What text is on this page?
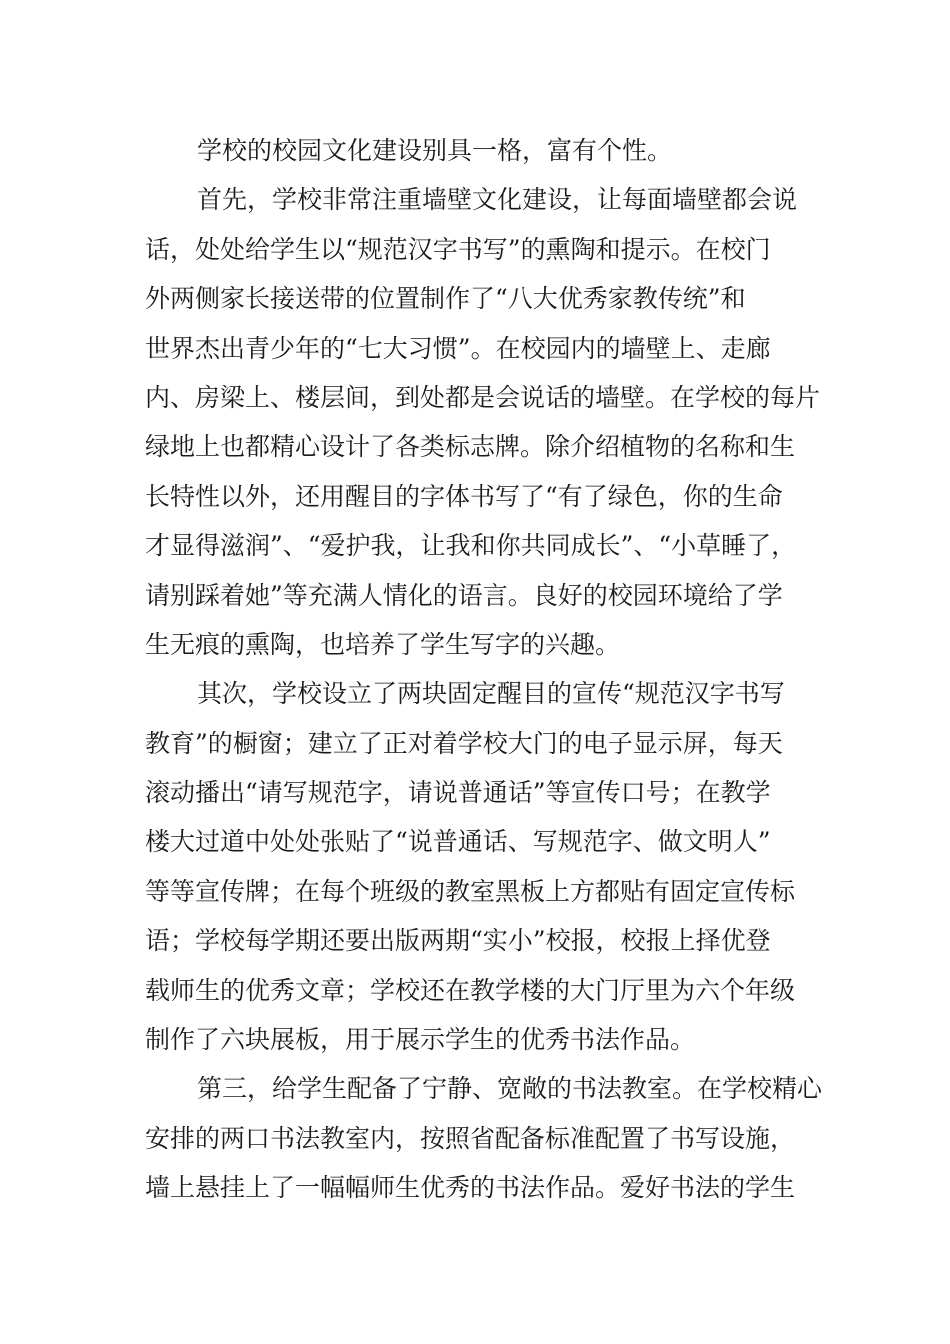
学校的校园文化建设别具一格，富有个性。
首先，学校非常注重墙壁文化建设，让每面墙壁都会说
话，处处给学生以“规范汉字书写”的熏陶和提示。在校门
外两侧家长接送带的位置制作了“八大优秀家教传统”和
世界杰出青少年的“七大习惯”。在校园内的墙壁上、走廊
内、房梁上、楼层间，到处都是会说话的墙壁。在学校的每片
绿地上也都精心设计了各类标志牌。除介绍植物的名称和生
长特性以外，还用醒目的字体书写了“有了绿色，你的生命
才显得滋润”、“爱护我，让我和你共同成长”、“小草睡了，
请别踩着她”等充满人情化的语言。良好的校园环境给了学
生无痕的熏陶，也培养了学生写字的兴趣。
其次，学校设立了两块固定醒目的宣传“规范汉字书写
教育”的橱窗；建立了正对着学校大门的电子显示屏，每天
滚动播出“请写规范字，请说普通话”等宣传口号；在教学
楼大过道中处处张贴了“说普通话、写规范字、做文明人”
等等宣传牌；在每个班级的教室黑板上方都贴有固定宣传标
语；学校每学期还要出版两期“实小”校报，校报上择优登
载师生的优秀文章；学校还在教学楼的大门厅里为六个年级
制作了六块展板，用于展示学生的优秀书法作品。
第三，给学生配备了宁静、宽敞的书法教室。在学校精心
安排的两口书法教室内，按照省配备标准配置了书写设施，
墙上悬挂上了一幅幅师生优秀的书法作品。爱好书法的学生
